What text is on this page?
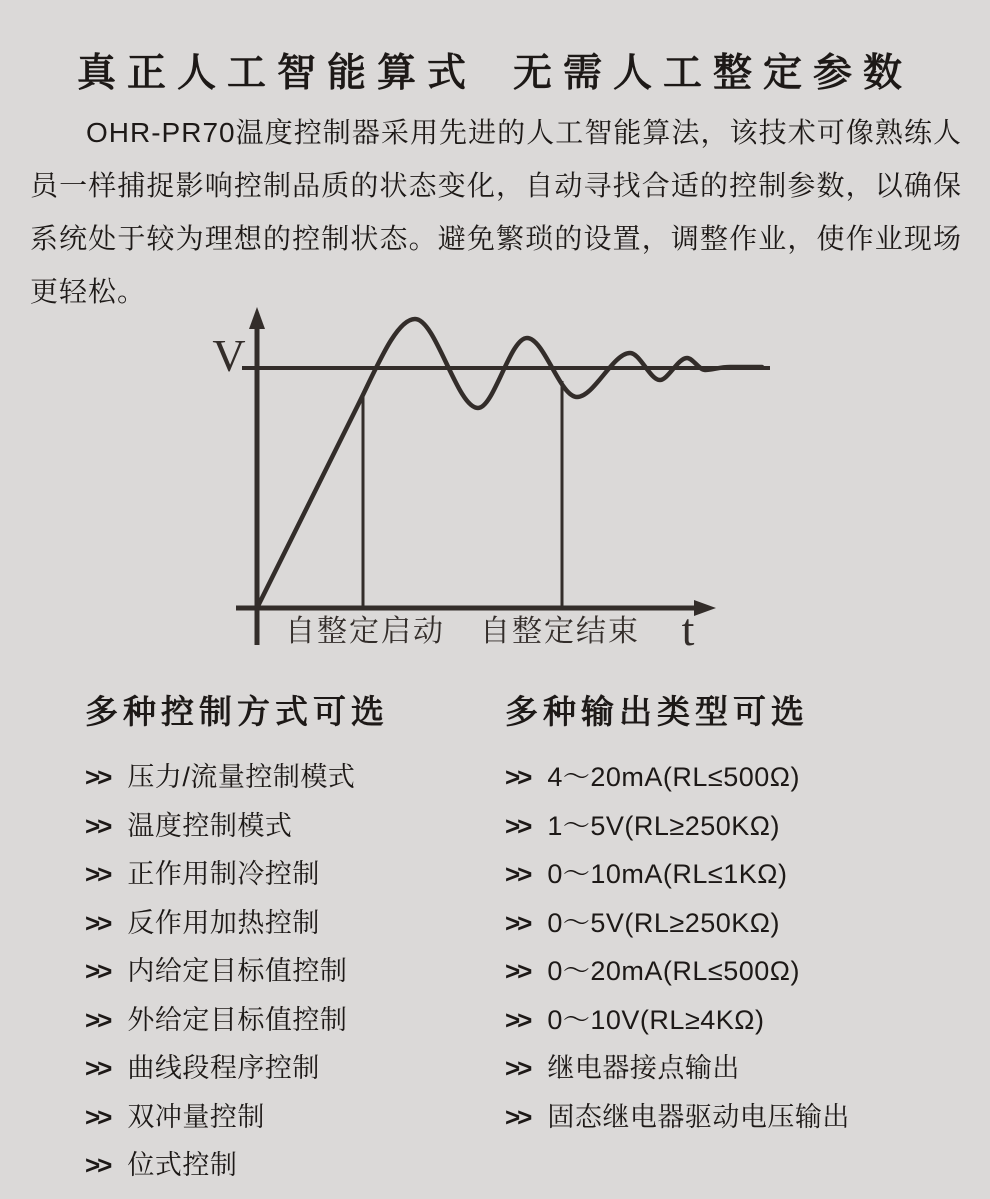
真正人工智能算式 无需人工整定参数
OHR-PR70温度控制器采用先进的人工智能算法，该技术可像熟练人员一样捕捉影响控制品质的状态变化，自动寻找合适的控制参数，以确保系统处于较为理想的控制状态。避免繁琐的设置，调整作业，使作业现场更轻松。
V
t
自整定启动 自整定结束
多种控制方式可选
>> 压力/流量控制模式
>> 温度控制模式
>> 正作用制冷控制
>> 反作用加热控制
>> 内给定目标值控制
>> 外给定目标值控制
>> 曲线段程序控制
>> 双冲量控制
>> 位式控制
多种输出类型可选
>> 4～20mA(RL≤500Ω)
>> 1～5V(RL≥250KΩ)
>> 0～10mA(RL≤1KΩ)
>> 0～5V(RL≥250KΩ)
>> 0～20mA(RL≤500Ω)
>> 0～10V(RL≥4KΩ)
>> 继电器接点输出
>> 固态继电器驱动电压输出
